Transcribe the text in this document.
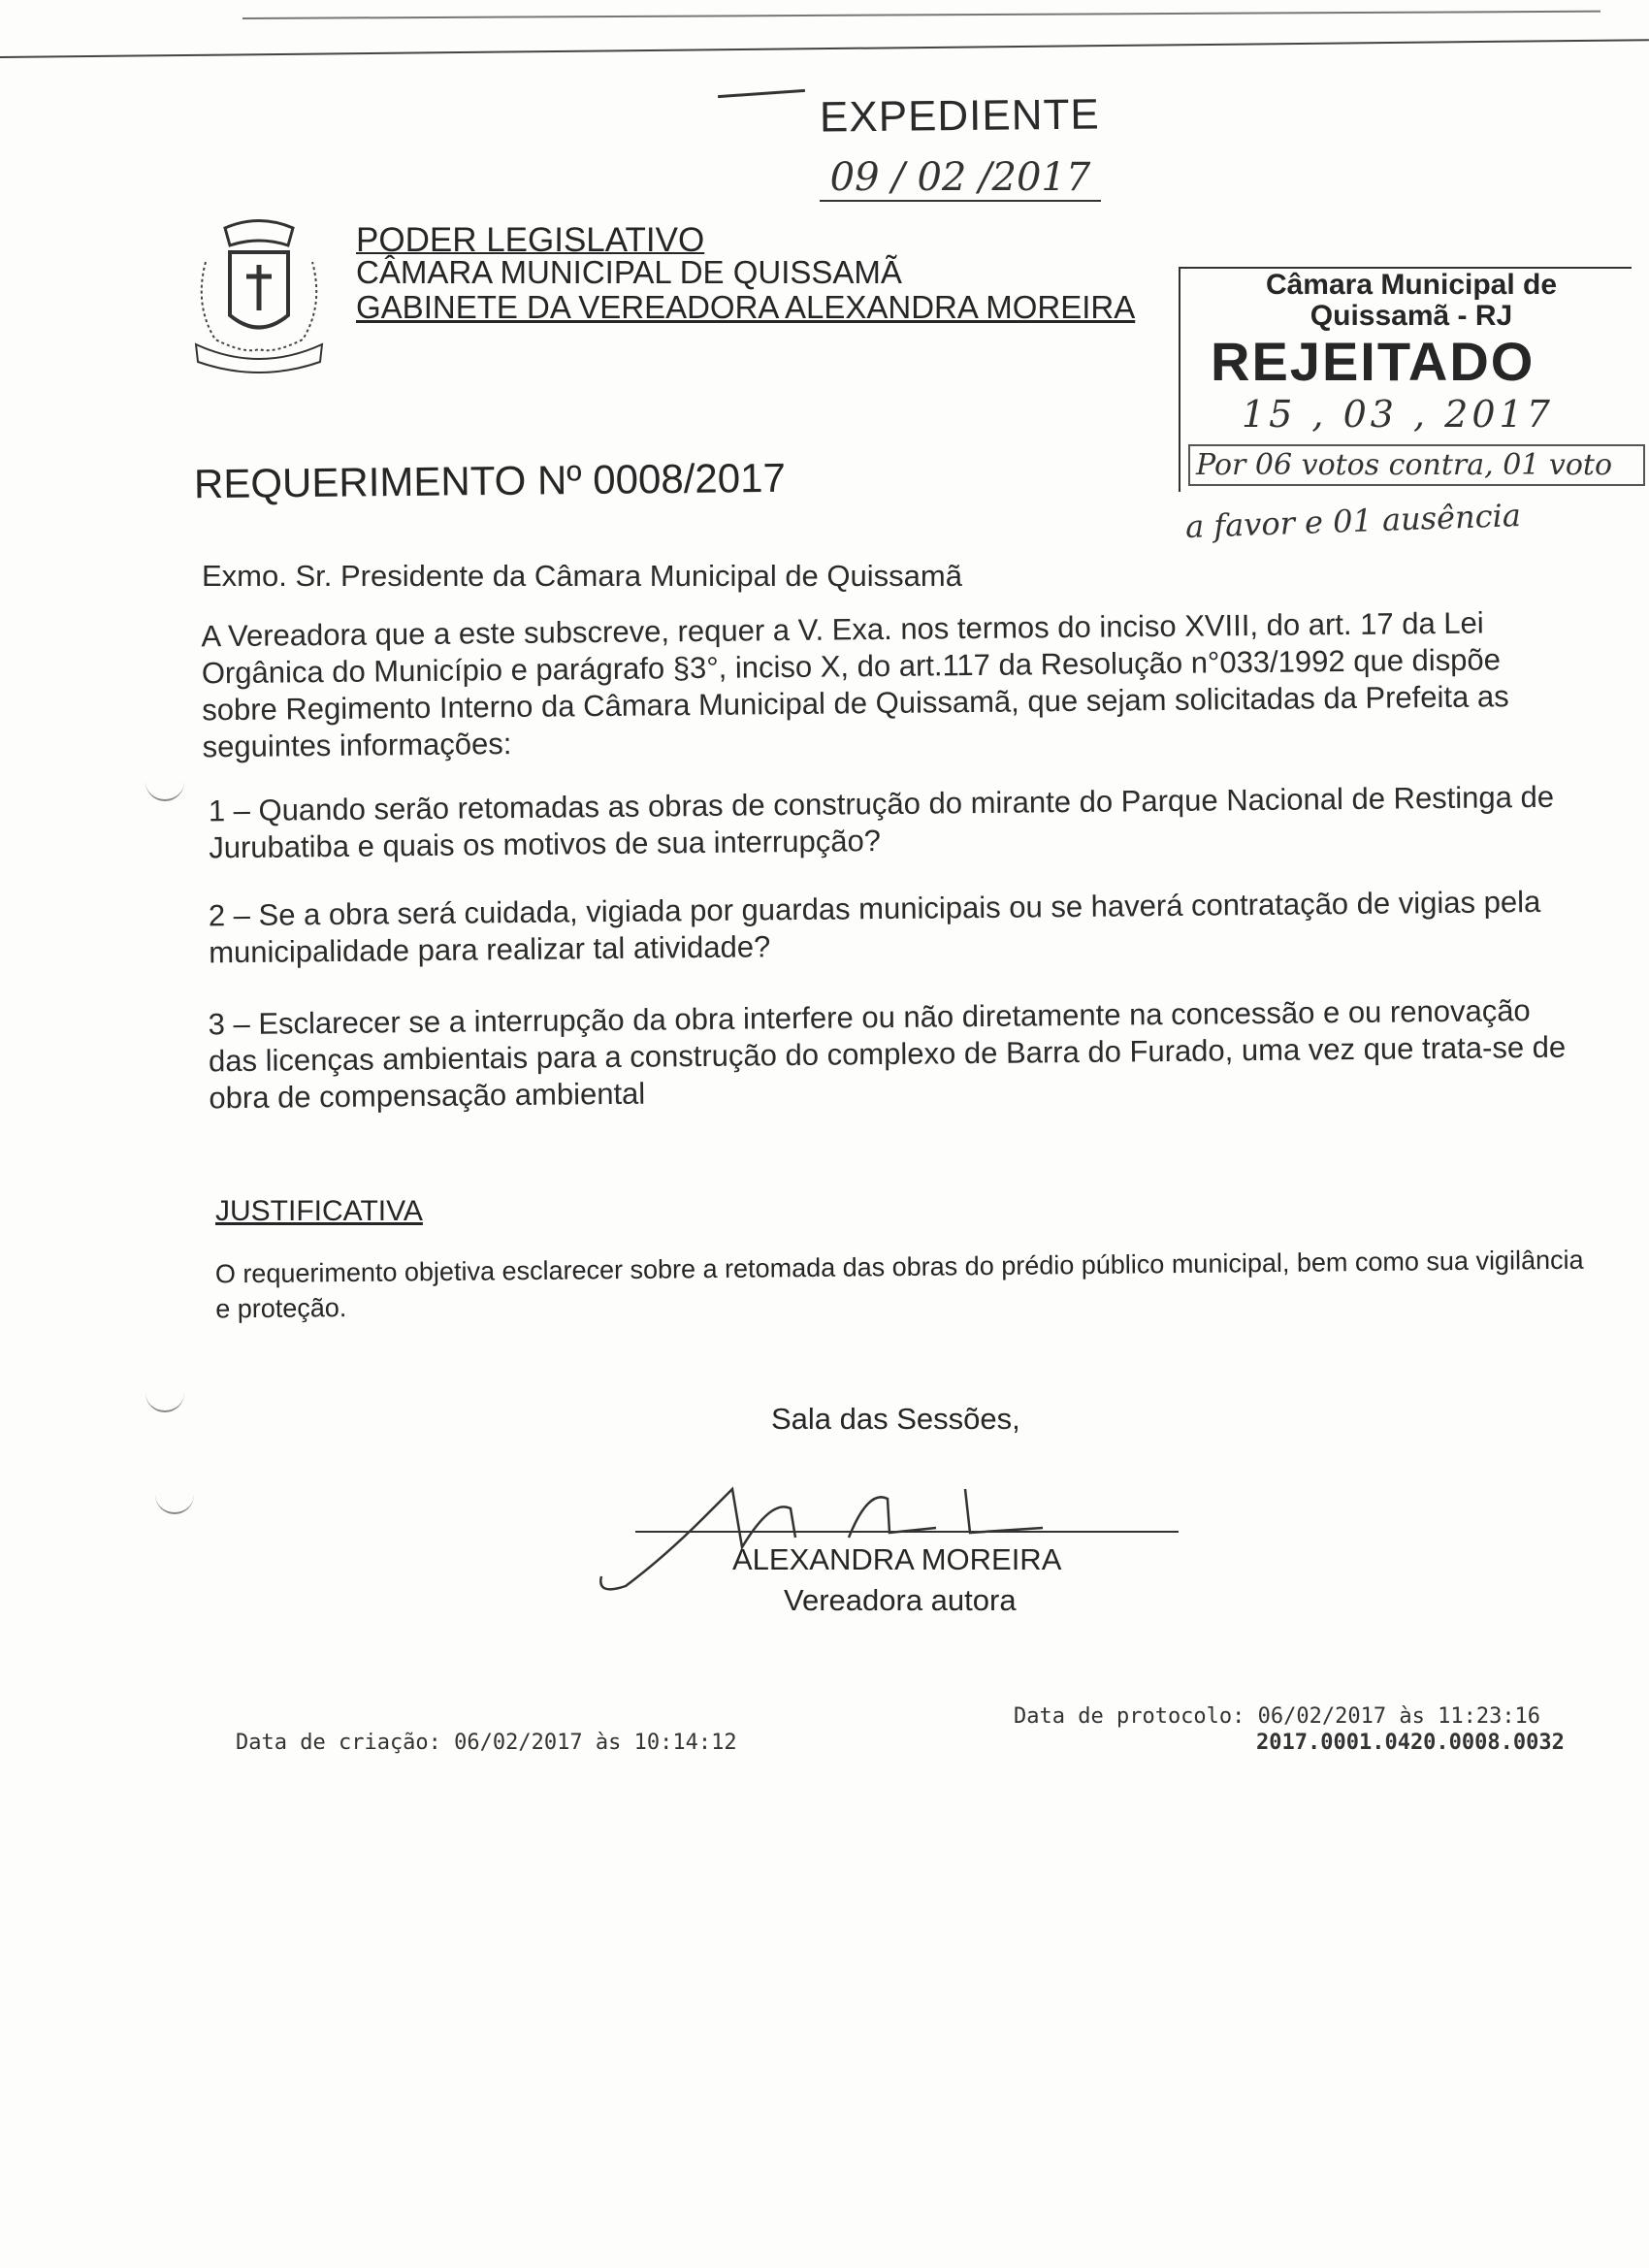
EXPEDIENTE
09 / 02 /2017
PODER LEGISLATIVO
CÂMARA MUNICIPAL DE QUISSAMÃ
GABINETE DA VEREADORA ALEXANDRA MOREIRA
Câmara Municipal de Quissamã - RJ
REJEITADO
15 , 03 , 2017
Por 06 votos contra, 01 voto
a favor e 01 ausência
REQUERIMENTO Nº 0008/2017
Exmo. Sr. Presidente da Câmara Municipal de Quissamã
A Vereadora que a este subscreve, requer a V. Exa. nos termos do inciso XVIII, do art. 17 da Lei Orgânica do Município e parágrafo §3°, inciso X, do art.117 da Resolução n°033/1992 que dispõe sobre Regimento Interno da Câmara Municipal de Quissamã, que sejam solicitadas da Prefeita as seguintes informações:
1 – Quando serão retomadas as obras de construção do mirante do Parque Nacional de Restinga de Jurubatiba e quais os motivos de sua interrupção?
2 – Se a obra será cuidada, vigiada por guardas municipais ou se haverá contratação de vigias pela municipalidade para realizar tal atividade?
3 – Esclarecer se a interrupção da obra interfere ou não diretamente na concessão e ou renovação das licenças ambientais para a construção do complexo de Barra do Furado, uma vez que trata-se de obra de compensação ambiental
JUSTIFICATIVA
O requerimento objetiva esclarecer sobre a retomada das obras do prédio público municipal, bem como sua vigilância e proteção.
Sala das Sessões,
ALEXANDRA MOREIRA
Vereadora autora
Data de criação: 06/02/2017 às 10:14:12
Data de protocolo: 06/02/2017 às 11:23:16
2017.0001.0420.0008.0032
